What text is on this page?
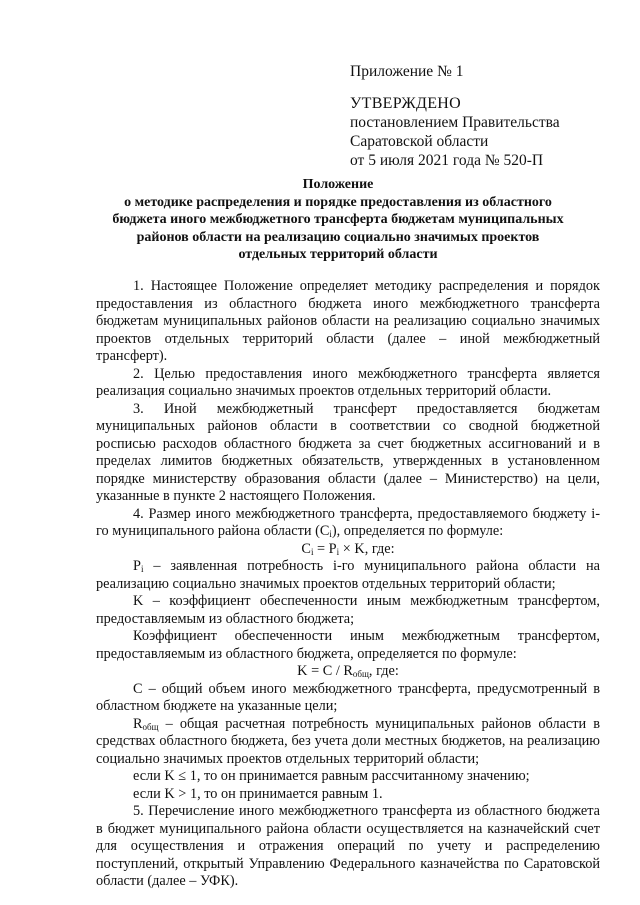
Приложение № 1
УТВЕРЖДЕНО
постановлением Правительства
Саратовской области
от 5 июля 2021 года № 520-П
Положение
о методике распределения и порядке предоставления из областного
бюджета иного межбюджетного трансферта бюджетам муниципальных
районов области на реализацию социально значимых проектов
отдельных территорий области

1. Настоящее Положение определяет методику распределения и порядок предоставления из областного бюджета иного межбюджетного трансферта бюджетам муниципальных районов области на реализацию социально значимых проектов отдельных территорий области (далее – иной межбюджетный трансферт).

2. Целью предоставления иного межбюджетного трансферта является реализация социально значимых проектов отдельных территорий области.

3. Иной межбюджетный трансферт предоставляется бюджетам муниципальных районов области в соответствии со сводной бюджетной росписью расходов областного бюджета за счет бюджетных ассигнований и в пределах лимитов бюджетных обязательств, утвержденных в установленном порядке министерству образования области (далее – Министерство) на цели, указанные в пункте 2 настоящего Положения.

4. Размер иного межбюджетного трансферта, предоставляемого бюджету i-го муниципального района области $(C_i)$, определяется по формуле:

$C_i = P_i \times K$, где:

$P_i$ – заявленная потребность i-го муниципального района области на реализацию социально значимых проектов отдельных территорий области;

K – коэффициент обеспеченности иным межбюджетным трансфертом, предоставляемым из областного бюджета;

Коэффициент обеспеченности иным межбюджетным трансфертом, предоставляемым из областного бюджета, определяется по формуле:

$K = C / R_{общ}$, где:

C – общий объем иного межбюджетного трансферта, предусмотренный в областном бюджете на указанные цели;

$R_{общ}$ – общая расчетная потребность муниципальных районов области в средствах областного бюджета, без учета доли местных бюджетов, на реализацию социально значимых проектов отдельных территорий области;

если K ≤ 1, то он принимается равным рассчитанному значению;

если K > 1, то он принимается равным 1.

5. Перечисление иного межбюджетного трансферта из областного бюджета в бюджет муниципального района области осуществляется на казначейский счет для осуществления и отражения операций по учету и распределению поступлений, открытый Управлению Федерального казначейства по Саратовской области (далее – УФК).
